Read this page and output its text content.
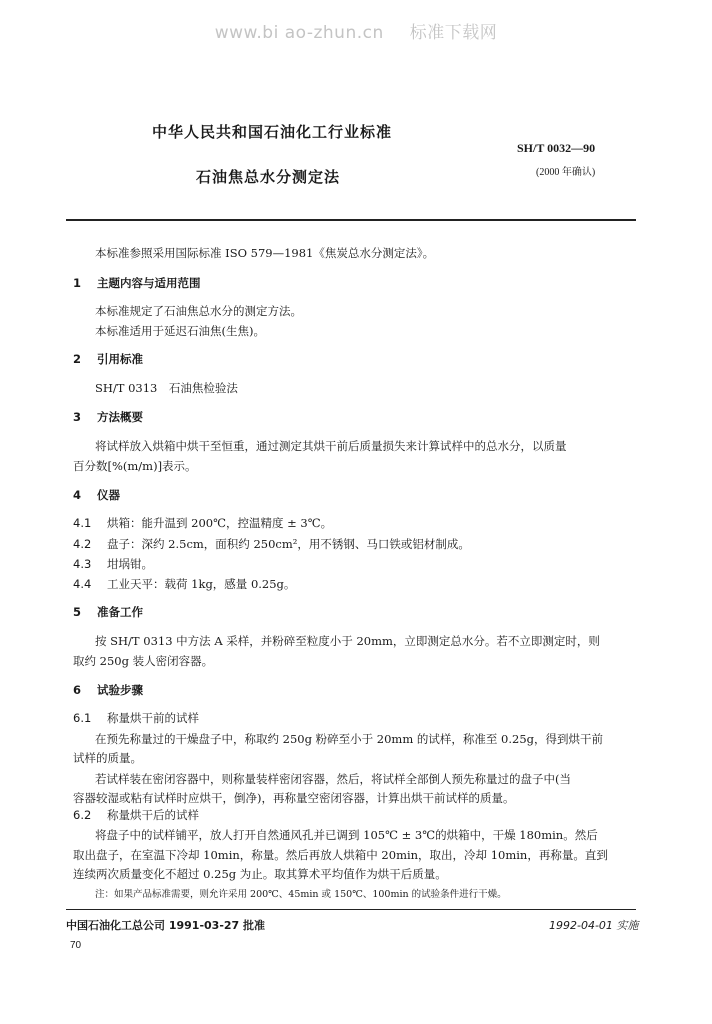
www.bi ao-zhun.cn 标准下载网
中华人民共和国石油化工行业标准
SH/T 0032—90
石油焦总水分测定法	(2000 年确认)
本标准参照采用国际标准 ISO 579—1981《焦炭总水分测定法》。
1 主题内容与适用范围
本标准规定了石油焦总水分的测定方法。
本标准适用于延迟石油焦(生焦)。
2 引用标准
SH/T 0313　石油焦检验法
3 方法概要
将试样放入烘箱中烘干至恒重，通过测定其烘干前后质量损失来计算试样中的总水分，以质量
百分数[%(m/m)]表示。
4 仪器
4.1 烘箱：能升温到 200℃，控温精度 ± 3℃。
4.2 盘子：深约 2.5cm，面积约 250cm²，用不锈钢、马口铁或铝材制成。
4.3 坩埚钳。
4.4 工业天平：载荷 1kg，感量 0.25g。
5 准备工作
按 SH/T 0313 中方法 A 采样，并粉碎至粒度小于 20mm，立即测定总水分。若不立即测定时，则
取约 250g 装人密闭容器。
6 试验步骤
6.1 称量烘干前的试样
在预先称量过的干燥盘子中，称取约 250g 粉碎至小于 20mm 的试样，称准至 0.25g，得到烘干前
试样的质量。
若试样装在密闭容器中，则称量装样密闭容器，然后，将试样全部倒人预先称量过的盘子中(当
容器较湿或粘有试样时应烘干，倒净)，再称量空密闭容器，计算出烘干前试样的质量。
6.2 称量烘干后的试样
将盘子中的试样铺平，放人打开自然通风孔并已调到 105℃ ± 3℃的烘箱中，干燥 180min。然后
取出盘子，在室温下冷却 10min，称量。然后再放人烘箱中 20min，取出，冷却 10min，再称量。直到
连续两次质量变化不超过 0.25g 为止。取其算术平均值作为烘干后质量。
注：如果产品标准需要，则允许采用 200℃、45min 或 150℃、100min 的试验条件进行干燥。
中国石油化工总公司 1991-03-27 批准	1992-04-01 实施
70
